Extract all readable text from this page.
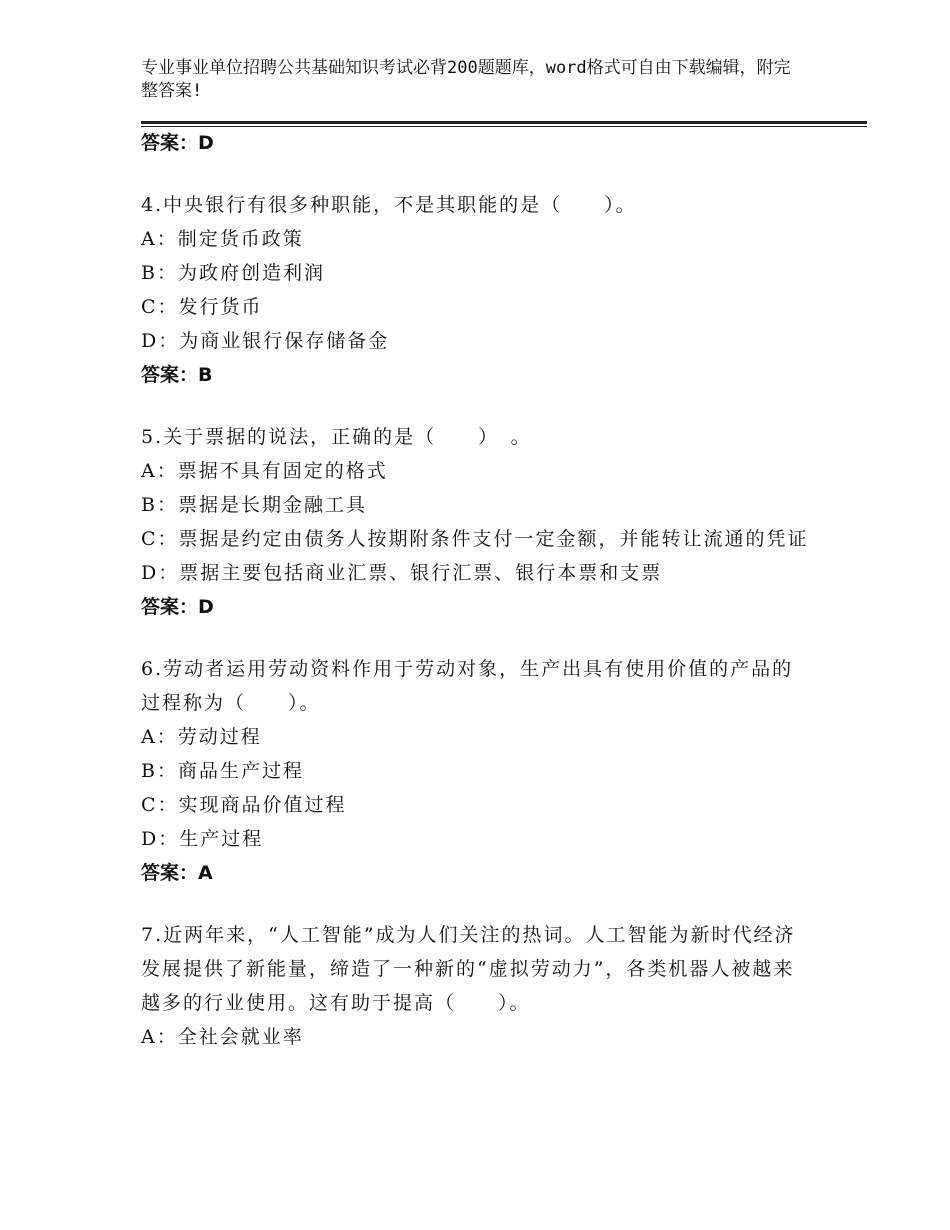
专业事业单位招聘公共基础知识考试必背200题题库，word格式可自由下载编辑，附完整答案!
答案：D
4.中央银行有很多种职能，不是其职能的是（　　）。
A：制定货币政策
B：为政府创造利润
C：发行货币
D：为商业银行保存储备金
答案：B
5.关于票据的说法，正确的是（　　）　。
A：票据不具有固定的格式
B：票据是长期金融工具
C：票据是约定由债务人按期附条件支付一定金额，并能转让流通的凭证
D：票据主要包括商业汇票、银行汇票、银行本票和支票
答案：D
6.劳动者运用劳动资料作用于劳动对象，生产出具有使用价值的产品的过程称为（　　）。
A：劳动过程
B：商品生产过程
C：实现商品价值过程
D：生产过程
答案：A
7.近两年来，“人工智能”成为人们关注的热词。人工智能为新时代经济发展提供了新能量，缔造了一种新的“虚拟劳动力”，各类机器人被越来越多的行业使用。这有助于提高（　　）。
A：全社会就业率
